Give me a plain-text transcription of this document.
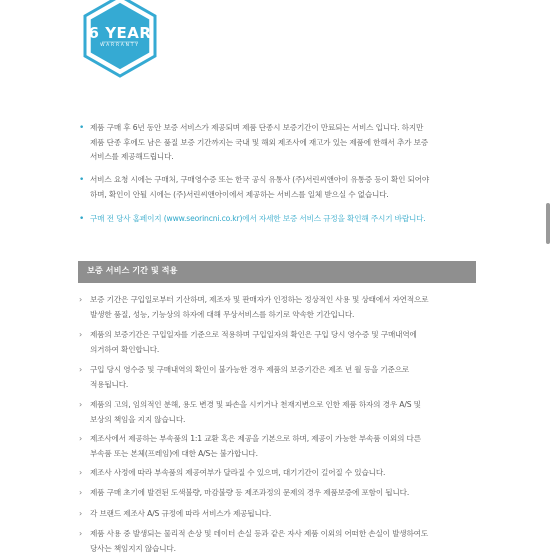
6 YEAR
WARRANTY
• 제품 구매 후 6년 동안 보증 서비스가 제공되며 제품 단종시 보증기간이 만료되는 서비스 입니다. 하지만
제품 단종 후에도 남은 품질 보증 기간까지는 국내 및 해외 제조사에 재고가 있는 제품에 한해서 추가 보증
서비스를 제공해드립니다.
• 서비스 요청 시에는 구매처, 구매영수증 또는 한국 공식 유통사 (주)서린씨앤아이 유통증 등이 확인 되어야
하며, 확인이 안될 시에는 (주)서린씨앤아이에서 제공하는 서비스를 일체 받으실 수 없습니다.
• 구매 전 당사 홈페이지 (www.seorincni.co.kr)에서 자세한 보증 서비스 규정을 확인해 주시기 바랍니다.
보증 서비스 기간 및 적용
› 보증 기간은 구입일로부터 기산하며, 제조자 및 판매자가 인정하는 정상적인 사용 및 상태에서 자연적으로
발생한 품질, 성능, 기능상의 하자에 대해 무상서비스를 하기로 약속한 기간입니다.
› 제품의 보증기간은 구입일자를 기준으로 적용하며 구입일자의 확인은 구입 당시 영수증 및 구매내역에
의거하여 확인합니다.
› 구입 당시 영수증 및 구매내역의 확인이 불가능한 경우 제품의 보증기간은 제조 년 월 등을 기준으로
적용됩니다.
› 제품의 고의, 임의적인 분해, 용도 변경 및 파손을 시키거나 천재지변으로 인한 제품 하자의 경우 A/S 및
보상의 책임을 지지 않습니다.
› 제조사에서 제공하는 부속품의 1:1 교환 혹은 제공을 기본으로 하며, 제공이 가능한 부속품 이외의 다른
부속품 또는 본체(프레임)에 대한 A/S는 불가합니다.
› 제조사 사정에 따라 부속품의 제공여부가 달라질 수 있으며, 대기기간이 길어질 수 있습니다.
› 제품 구매 초기에 발견된 도색불량, 마감불량 등 제조과정의 문제의 경우 제품보증에 포함이 됩니다.
› 각 브랜드 제조사 A/S 규정에 따라 서비스가 제공됩니다.
› 제품 사용 중 발생되는 물리적 손상 및 데이터 손실 등과 같은 자사 제품 이외의 어떠한 손실이 발생하여도
당사는 책임지지 않습니다.
